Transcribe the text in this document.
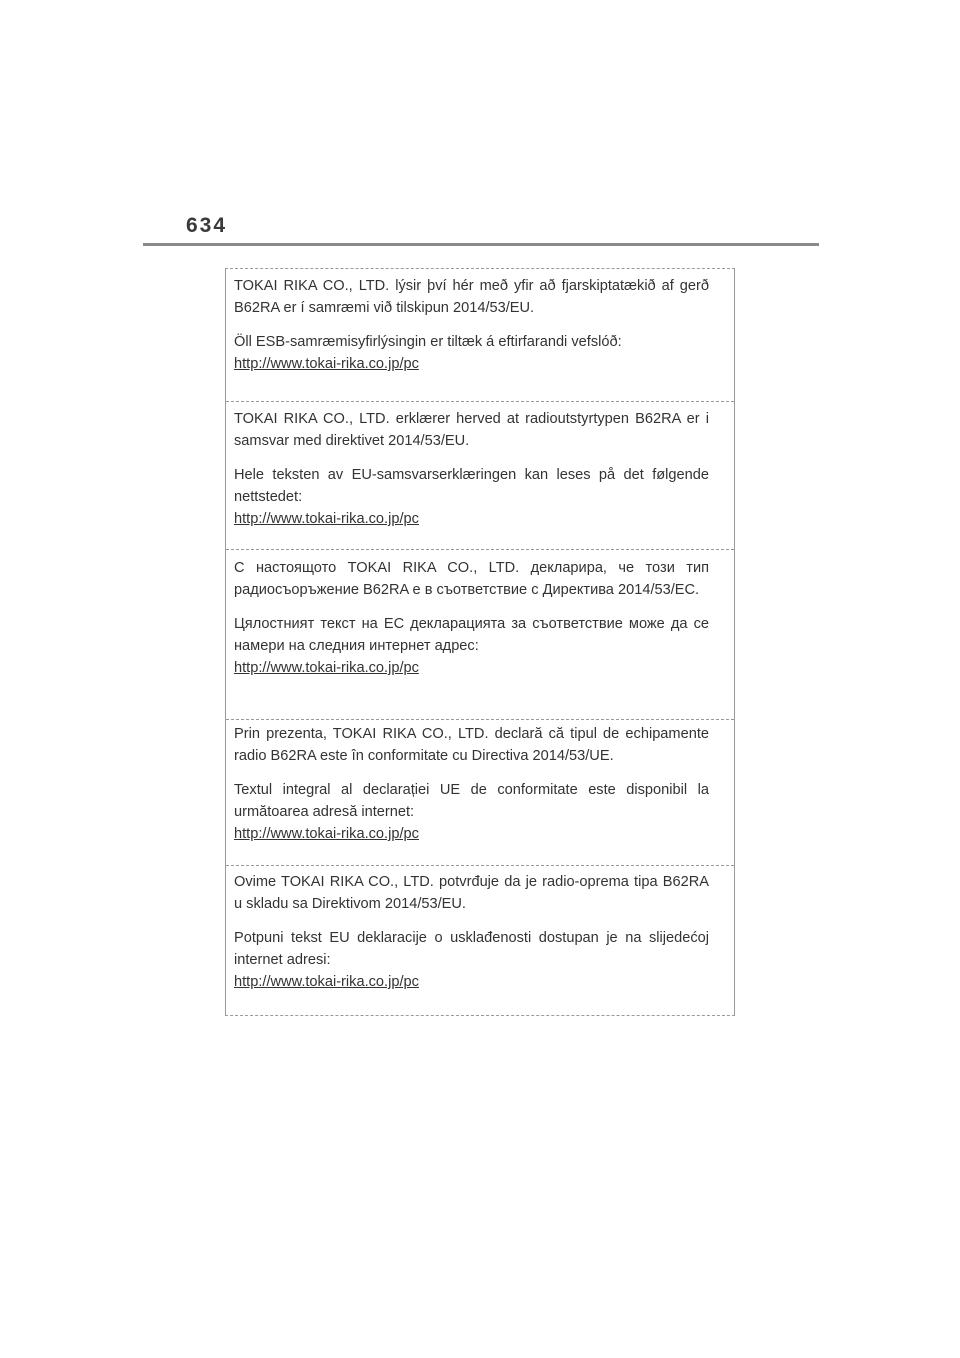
634

TOKAI RIKA CO., LTD. lýsir því hér með yfir að fjarskiptatækið af gerð B62RA er í samræmi við tilskipun 2014/53/EU.

Öll ESB-samræmisyfirlýsingin er tiltæk á eftirfarandi vefslóð:
http://www.tokai-rika.co.jp/pc

TOKAI RIKA CO., LTD. erklærer herved at radioutstyrtypen B62RA er i samsvar med direktivet 2014/53/EU.

Hele teksten av EU-samsvarserklæringen kan leses på det følgende nettstedet:
http://www.tokai-rika.co.jp/pc

С настоящото TOKAI RIKA CO., LTD. декларира, че този тип радиосъоръжение B62RA е в съответствие с Директива 2014/53/ЕС.

Цялостният текст на ЕС декларацията за съответствие може да се намери на следния интернет адрес:
http://www.tokai-rika.co.jp/pc

Prin prezenta, TOKAI RIKA CO., LTD. declară că tipul de echipamente radio B62RA este în conformitate cu Directiva 2014/53/UE.

Textul integral al declarației UE de conformitate este disponibil la următoarea adresă internet:
http://www.tokai-rika.co.jp/pc

Ovime TOKAI RIKA CO., LTD. potvrđuje da je radio-oprema tipa B62RA u skladu sa Direktivom 2014/53/EU.

Potpuni tekst EU deklaracije o usklađenosti dostupan je na slijedećoj internet adresi:
http://www.tokai-rika.co.jp/pc
